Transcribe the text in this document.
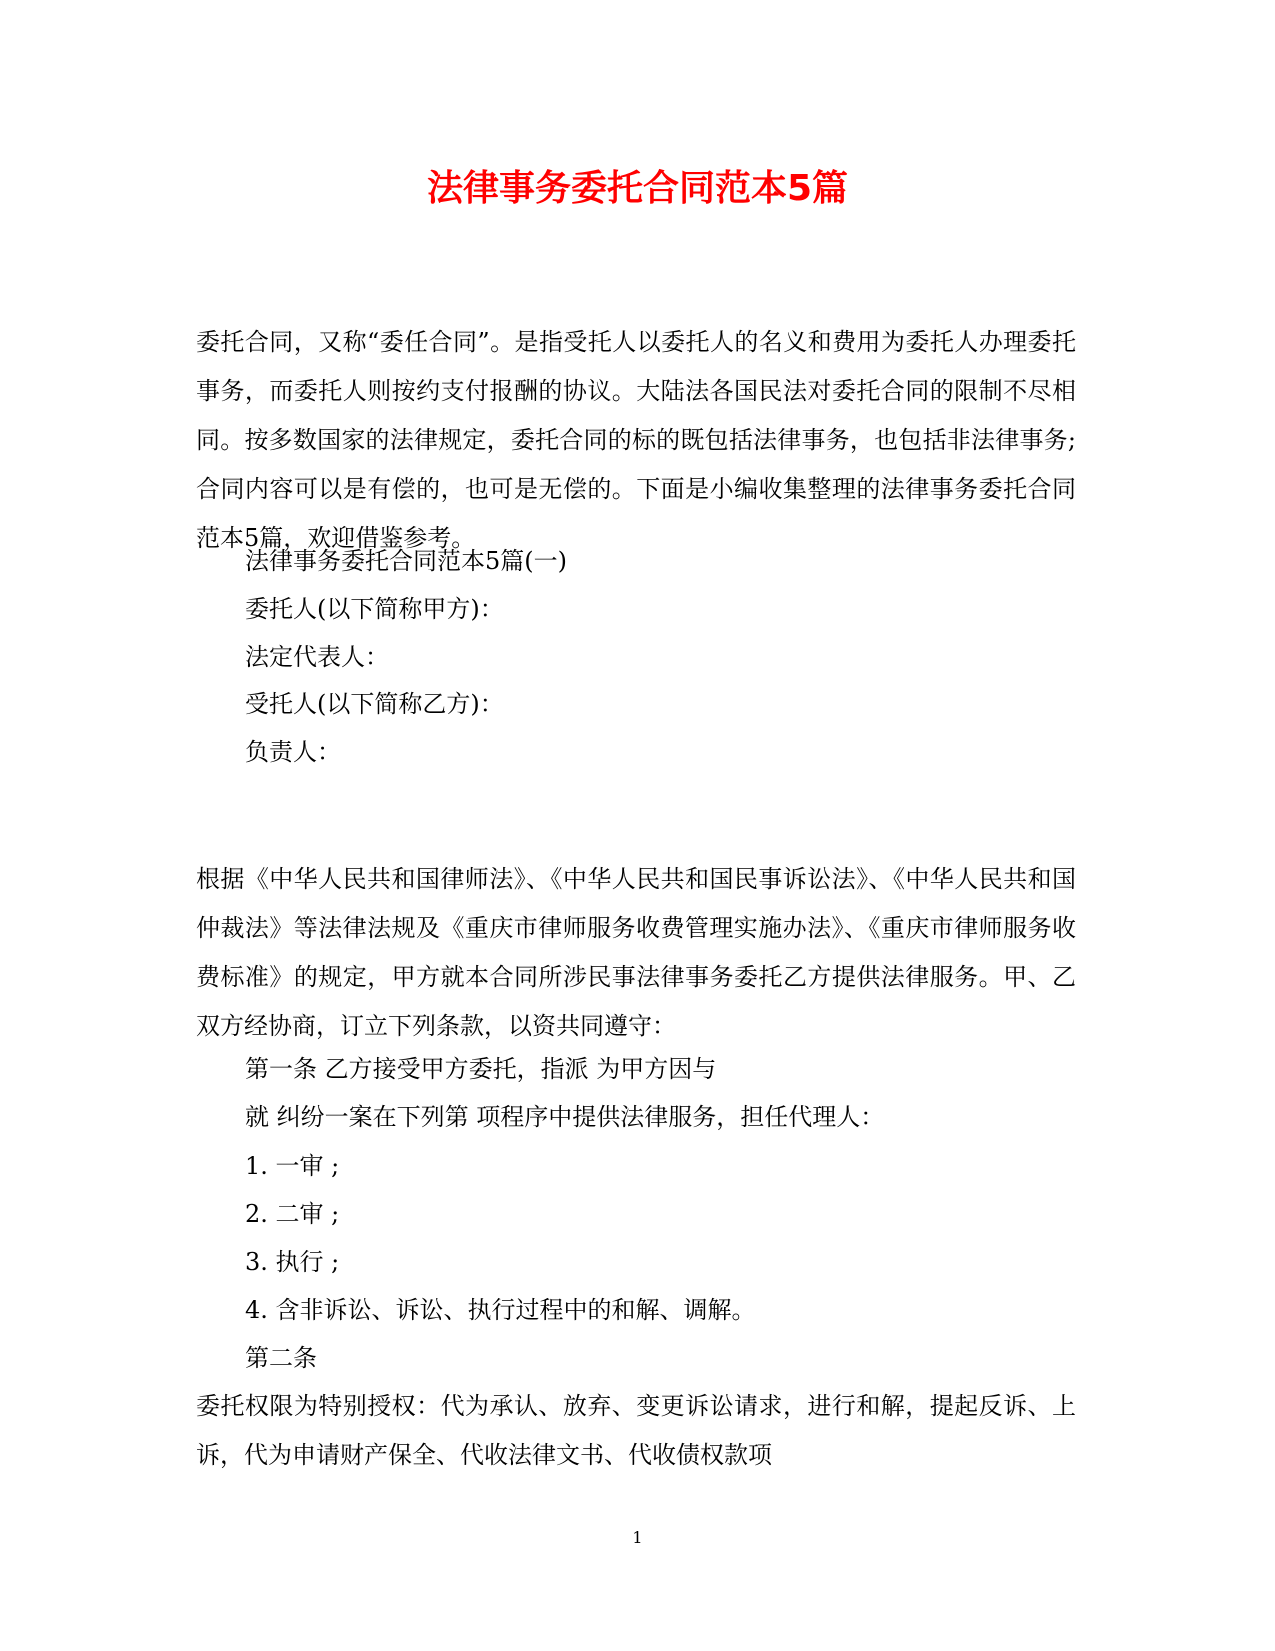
法律事务委托合同范本5篇

委托合同，又称“委任合同”。是指受托人以委托人的名义和费用为委托人办理委托事务，而委托人则按约支付报酬的协议。大陆法各国民法对委托合同的限制不尽相同。按多数国家的法律规定，委托合同的标的既包括法律事务，也包括非法律事务;合同内容可以是有偿的，也可是无偿的。下面是小编收集整理的法律事务委托合同范本5篇，欢迎借鉴参考。

法律事务委托合同范本5篇(一)

委托人(以下简称甲方)：

法定代表人：

受托人(以下简称乙方)：

负责人：

根据《中华人民共和国律师法》、《中华人民共和国民事诉讼法》、《中华人民共和国仲裁法》等法律法规及《重庆市律师服务收费管理实施办法》、《重庆市律师服务收费标准》的规定，甲方就本合同所涉民事法律事务委托乙方提供法律服务。甲、乙双方经协商，订立下列条款，以资共同遵守：

第一条 乙方接受甲方委托，指派 为甲方因与

就 纠纷一案在下列第 项程序中提供法律服务，担任代理人：

1. 一审 ;

2. 二审 ;

3. 执行 ;

4. 含非诉讼、诉讼、执行过程中的和解、调解。

第二条

委托权限为特别授权：代为承认、放弃、变更诉讼请求，进行和解，提起反诉、上诉，代为申请财产保全、代收法律文书、代收债权款项

1
